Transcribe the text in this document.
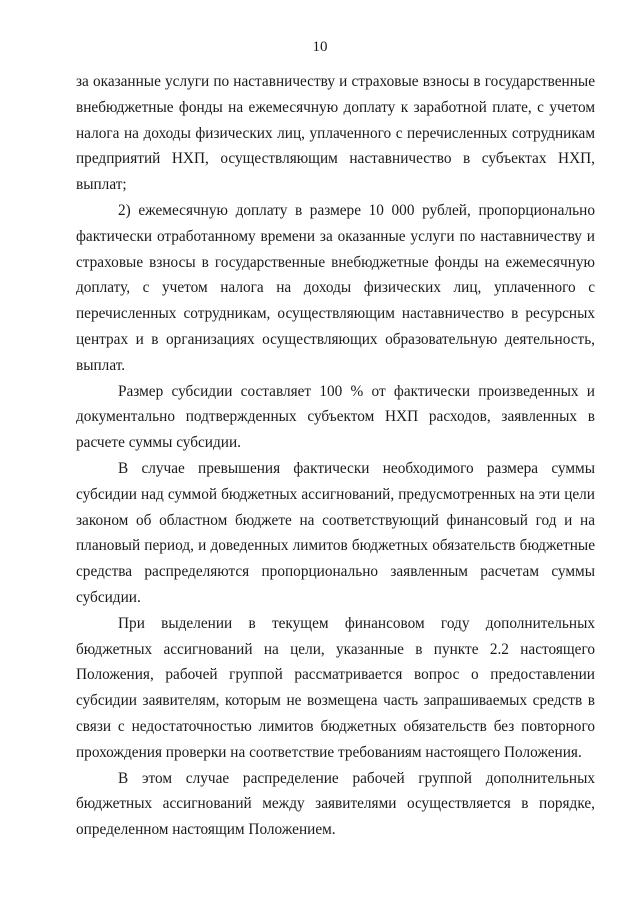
10

за оказанные услуги по наставничеству и страховые взносы в государственные внебюджетные фонды на ежемесячную доплату к заработной плате, с учетом налога на доходы физических лиц, уплаченного с перечисленных сотрудникам предприятий НХП, осуществляющим наставничество в субъектах НХП, выплат;

2) ежемесячную доплату в размере 10 000 рублей, пропорционально фактически отработанному времени за оказанные услуги по наставничеству и страховые взносы в государственные внебюджетные фонды на ежемесячную доплату, с учетом налога на доходы физических лиц, уплаченного с перечисленных сотрудникам, осуществляющим наставничество в ресурсных центрах и в организациях осуществляющих образовательную деятельность, выплат.

Размер субсидии составляет 100 % от фактически произведенных и документально подтвержденных субъектом НХП расходов, заявленных в расчете суммы субсидии.

В случае превышения фактически необходимого размера суммы субсидии над суммой бюджетных ассигнований, предусмотренных на эти цели законом об областном бюджете на соответствующий финансовый год и на плановый период, и доведенных лимитов бюджетных обязательств бюджетные средства распределяются пропорционально заявленным расчетам суммы субсидии.

При выделении в текущем финансовом году дополнительных бюджетных ассигнований на цели, указанные в пункте 2.2 настоящего Положения, рабочей группой рассматривается вопрос о предоставлении субсидии заявителям, которым не возмещена часть запрашиваемых средств в связи с недостаточностью лимитов бюджетных обязательств без повторного прохождения проверки на соответствие требованиям настоящего Положения.

В этом случае распределение рабочей группой дополнительных бюджетных ассигнований между заявителями осуществляется в порядке, определенном настоящим Положением.
